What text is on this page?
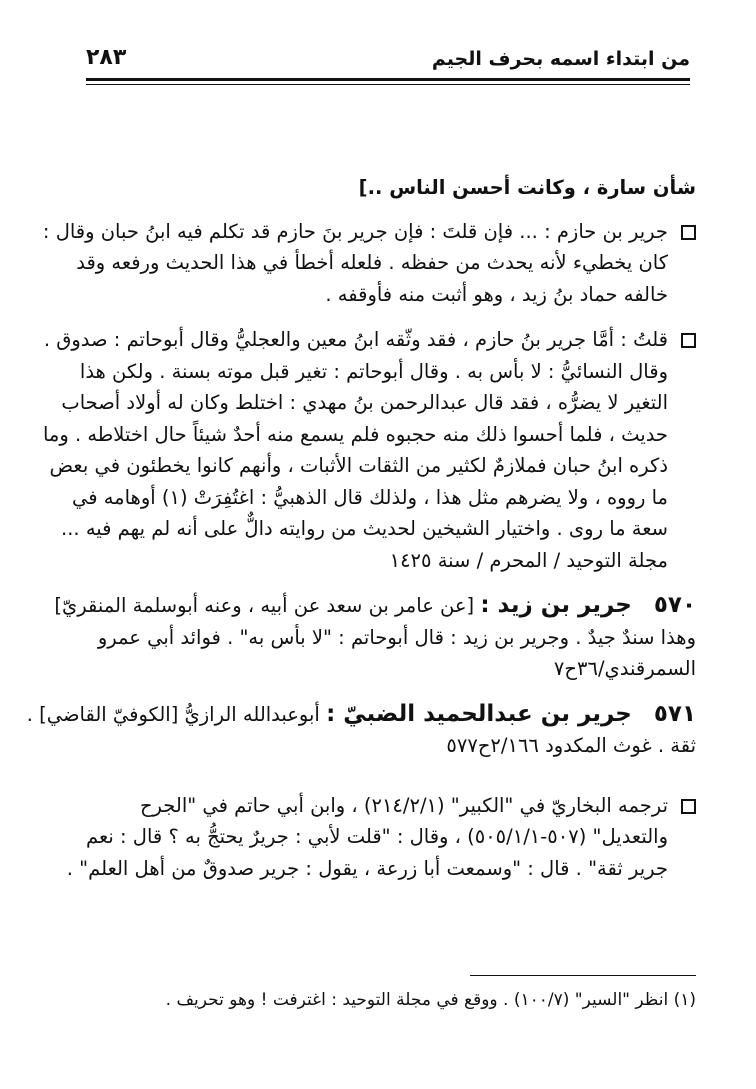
من ابتداء اسمه بحرف الجيم
٢٨٣
شأن سارة ، وكانت أحسن الناس ..]
جرير بن حازم : ... فإن قلتَ : فإن جرير بنَ حازم قد تكلم فيه ابنُ حبان وقال :
كان يخطيء لأنه يحدث من حفظه . فلعله أخطأ في هذا الحديث ورفعه وقد
خالفه حماد بنُ زيد ، وهو أثبت منه فأوقفه .
قلتُ : أمَّا جرير بنُ حازم ، فقد وثّقه ابنُ معين والعجليُّ وقال أبوحاتم : صدوق .
وقال النسائيُّ : لا بأس به . وقال أبوحاتم : تغير قبل موته بسنة . ولكن هذا
التغير لا يضرُّه ، فقد قال عبدالرحمن بنُ مهدي : اختلط وكان له أولاد أصحاب
حديث ، فلما أحسوا ذلك منه حجبوه فلم يسمع منه أحدٌ شيئاً حال اختلاطه . وما
ذكره ابنُ حبان فملازمٌ لكثير من الثقات الأثبات ، وأنهم كانوا يخطئون في بعض
ما رووه ، ولا يضرهم مثل هذا ، ولذلك قال الذهبيُّ : اغتُفِرَتْ (١) أوهامه في
سعة ما روى . واختيار الشيخين لحديث من روايته دالٌّ على أنه لم يهم فيه ...
مجلة التوحيد / المحرم / سنة ١٤٢٥
٥٧٠جرير بن زيد : [عن عامر بن سعد عن أبيه ، وعنه أبوسلمة المنقريّ]
وهذا سندٌ جيدٌ . وجرير بن زيد : قال أبوحاتم : "لا بأس به" . فوائد أبي عمرو
السمرقندي/٣٦ح٧
٥٧١جرير بن عبدالحميد الضبيّ : أبوعبدالله الرازيُّ [الكوفيّ القاضي] .
ثقة . غوث المكدود ٢/١٦٦ح٥٧٧
ترجمه البخاريّ في "الكبير" (٢١٤/٢/١) ، وابن أبي حاتم في "الجرح
والتعديل" (٥٠٧-٥٠٥/١/١) ، وقال : "قلت لأبي : جريرٌ يحتجُّ به ؟ قال : نعم
جرير ثقة" . قال : "وسمعت أبا زرعة ، يقول : جرير صدوقٌ من أهل العلم" .
(١) انظر "السير" (١٠٠/٧) . ووقع في مجلة التوحيد : اغترفت ! وهو تحريف .
